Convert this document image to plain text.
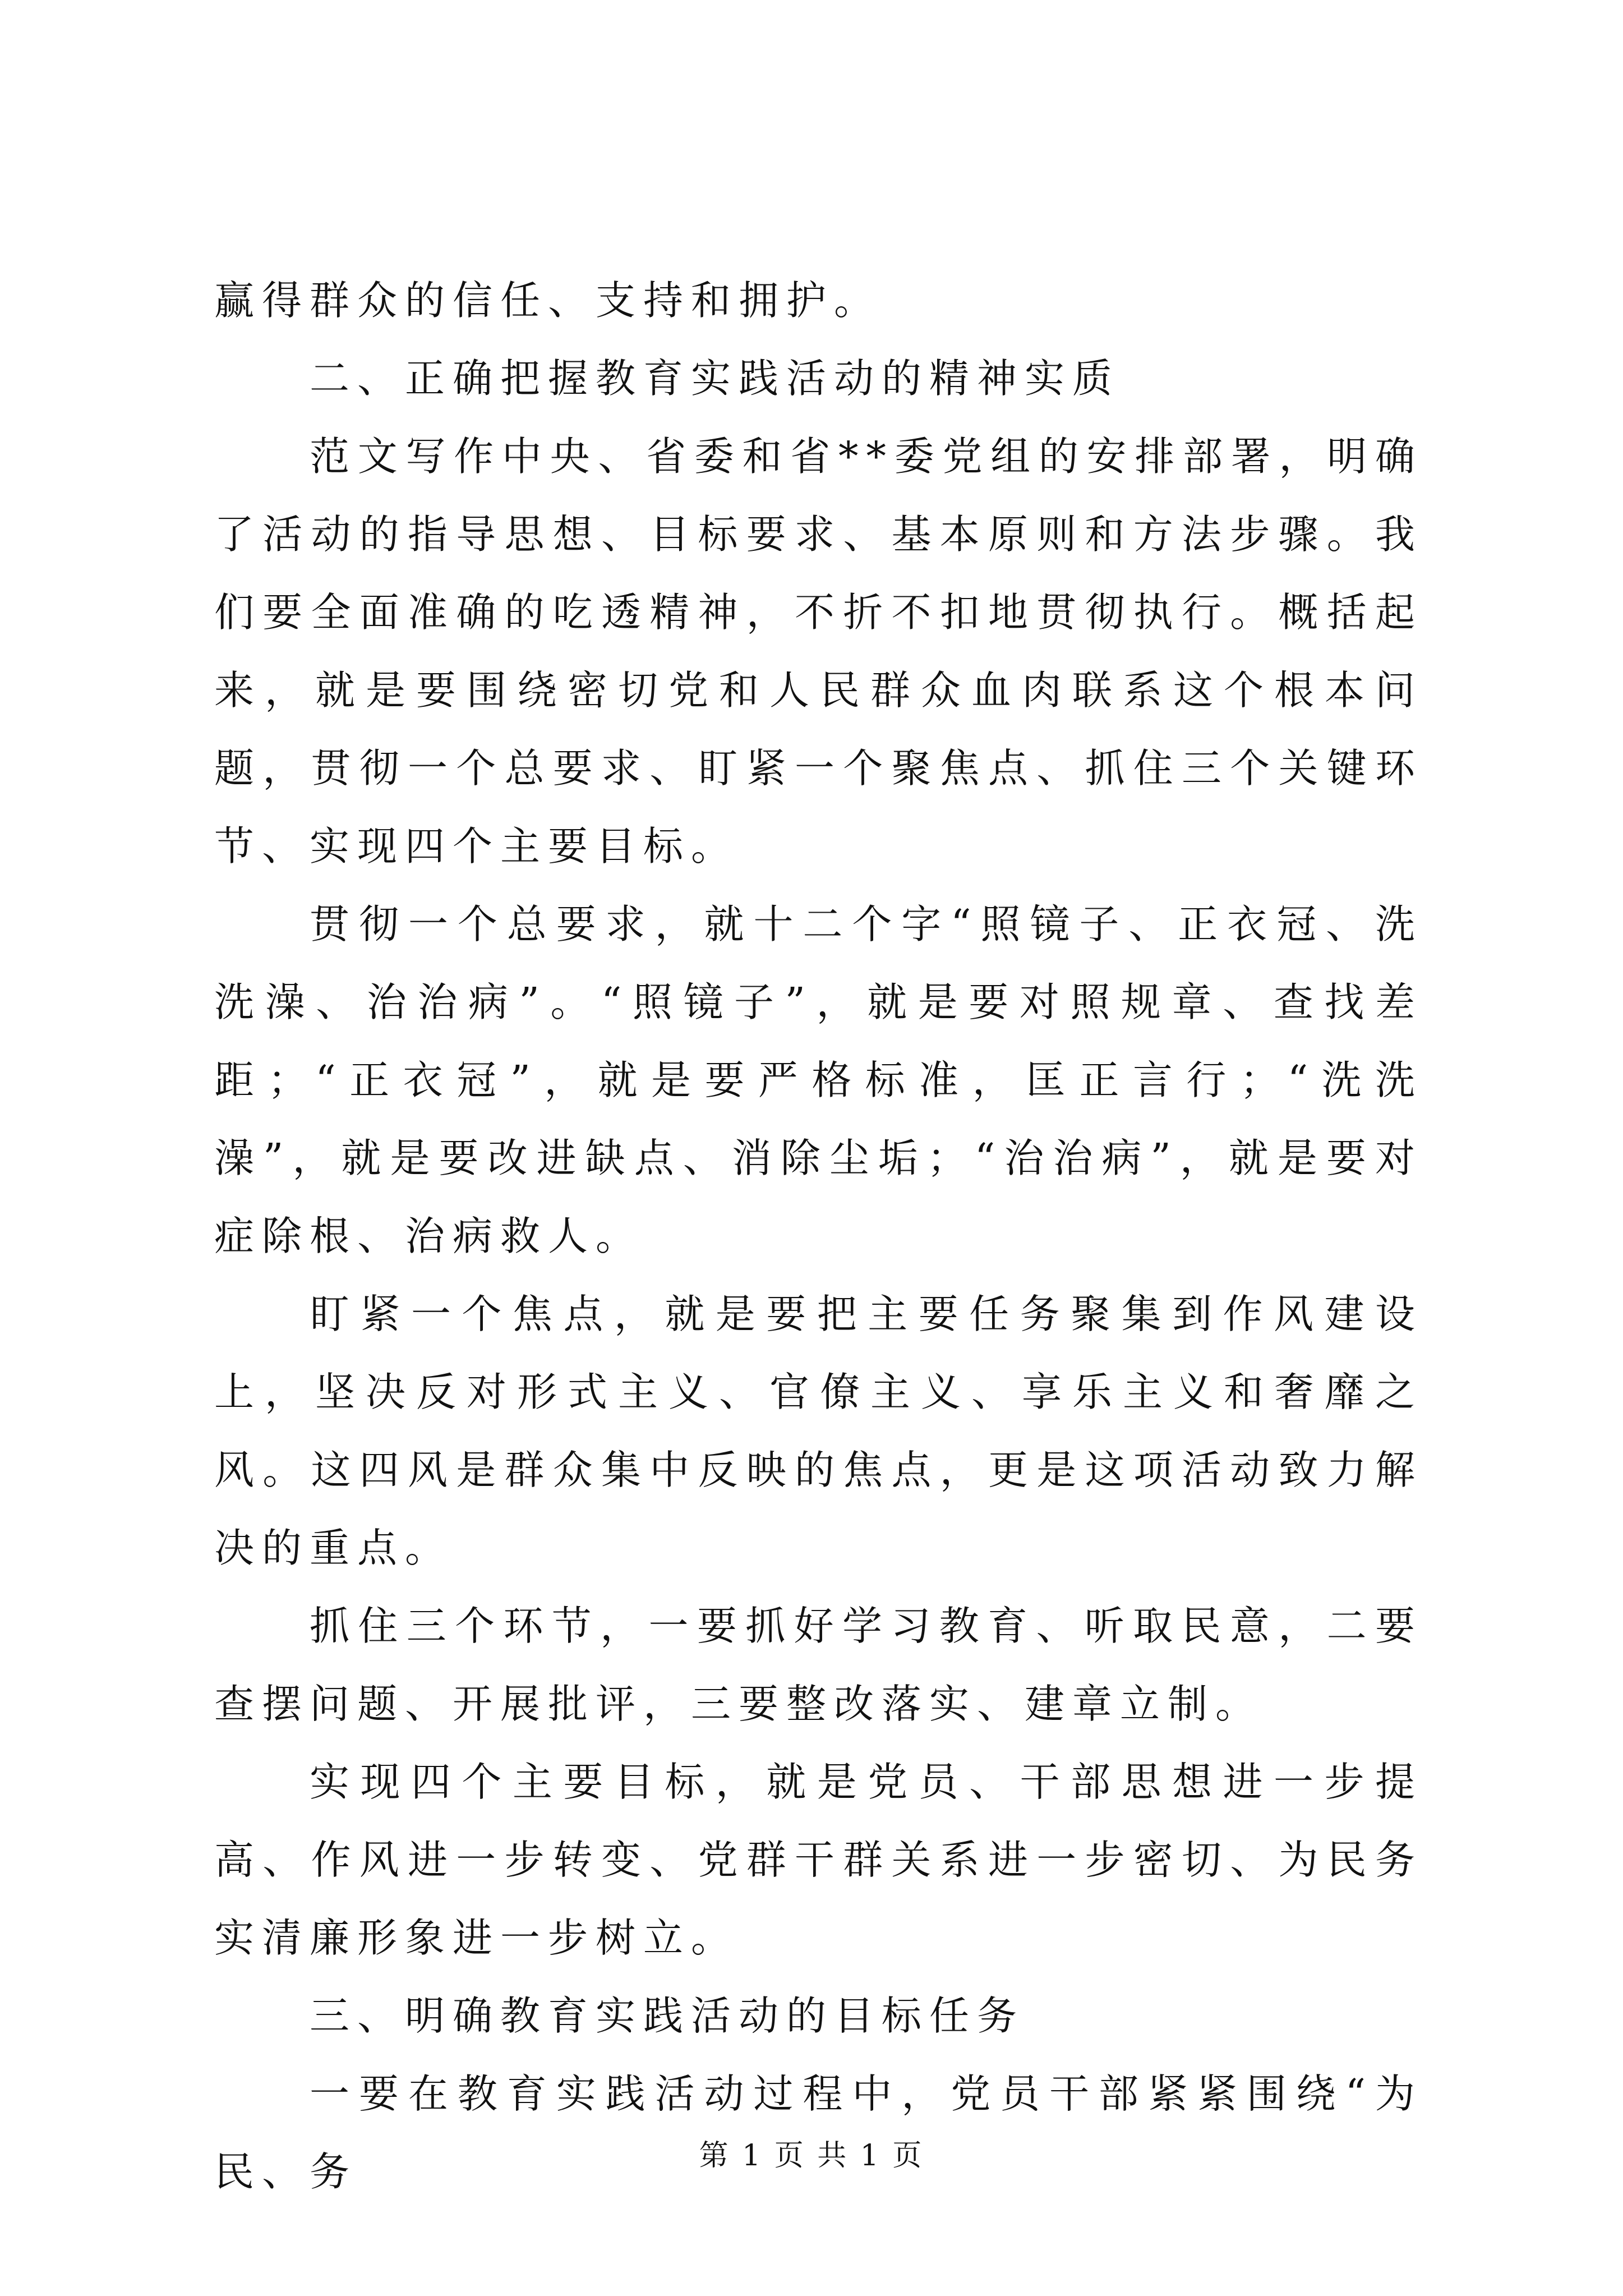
赢得群众的信任、支持和拥护。

二、正确把握教育实践活动的精神实质

范文写作中央、省委和省**委党组的安排部署，明确了活动的指导思想、目标要求、基本原则和方法步骤。我们要全面准确的吃透精神，不折不扣地贯彻执行。概括起来，就是要围绕密切党和人民群众血肉联系这个根本问题，贯彻一个总要求、盯紧一个聚焦点、抓住三个关键环节、实现四个主要目标。

贯彻一个总要求，就十二个字“照镜子、正衣冠、洗洗澡、治治病”。“照镜子”，就是要对照规章、查找差距；“正衣冠”，就是要严格标准，匡正言行；“洗洗澡”，就是要改进缺点、消除尘垢；“治治病”，就是要对症除根、治病救人。

盯紧一个焦点，就是要把主要任务聚集到作风建设上，坚决反对形式主义、官僚主义、享乐主义和奢靡之风。这四风是群众集中反映的焦点，更是这项活动致力解决的重点。

抓住三个环节，一要抓好学习教育、听取民意，二要查摆问题、开展批评，三要整改落实、建章立制。

实现四个主要目标，就是党员、干部思想进一步提高、作风进一步转变、党群干群关系进一步密切、为民务实清廉形象进一步树立。

三、明确教育实践活动的目标任务

一要在教育实践活动过程中，党员干部紧紧围绕“为民、务	第 1 页 共 1 页
